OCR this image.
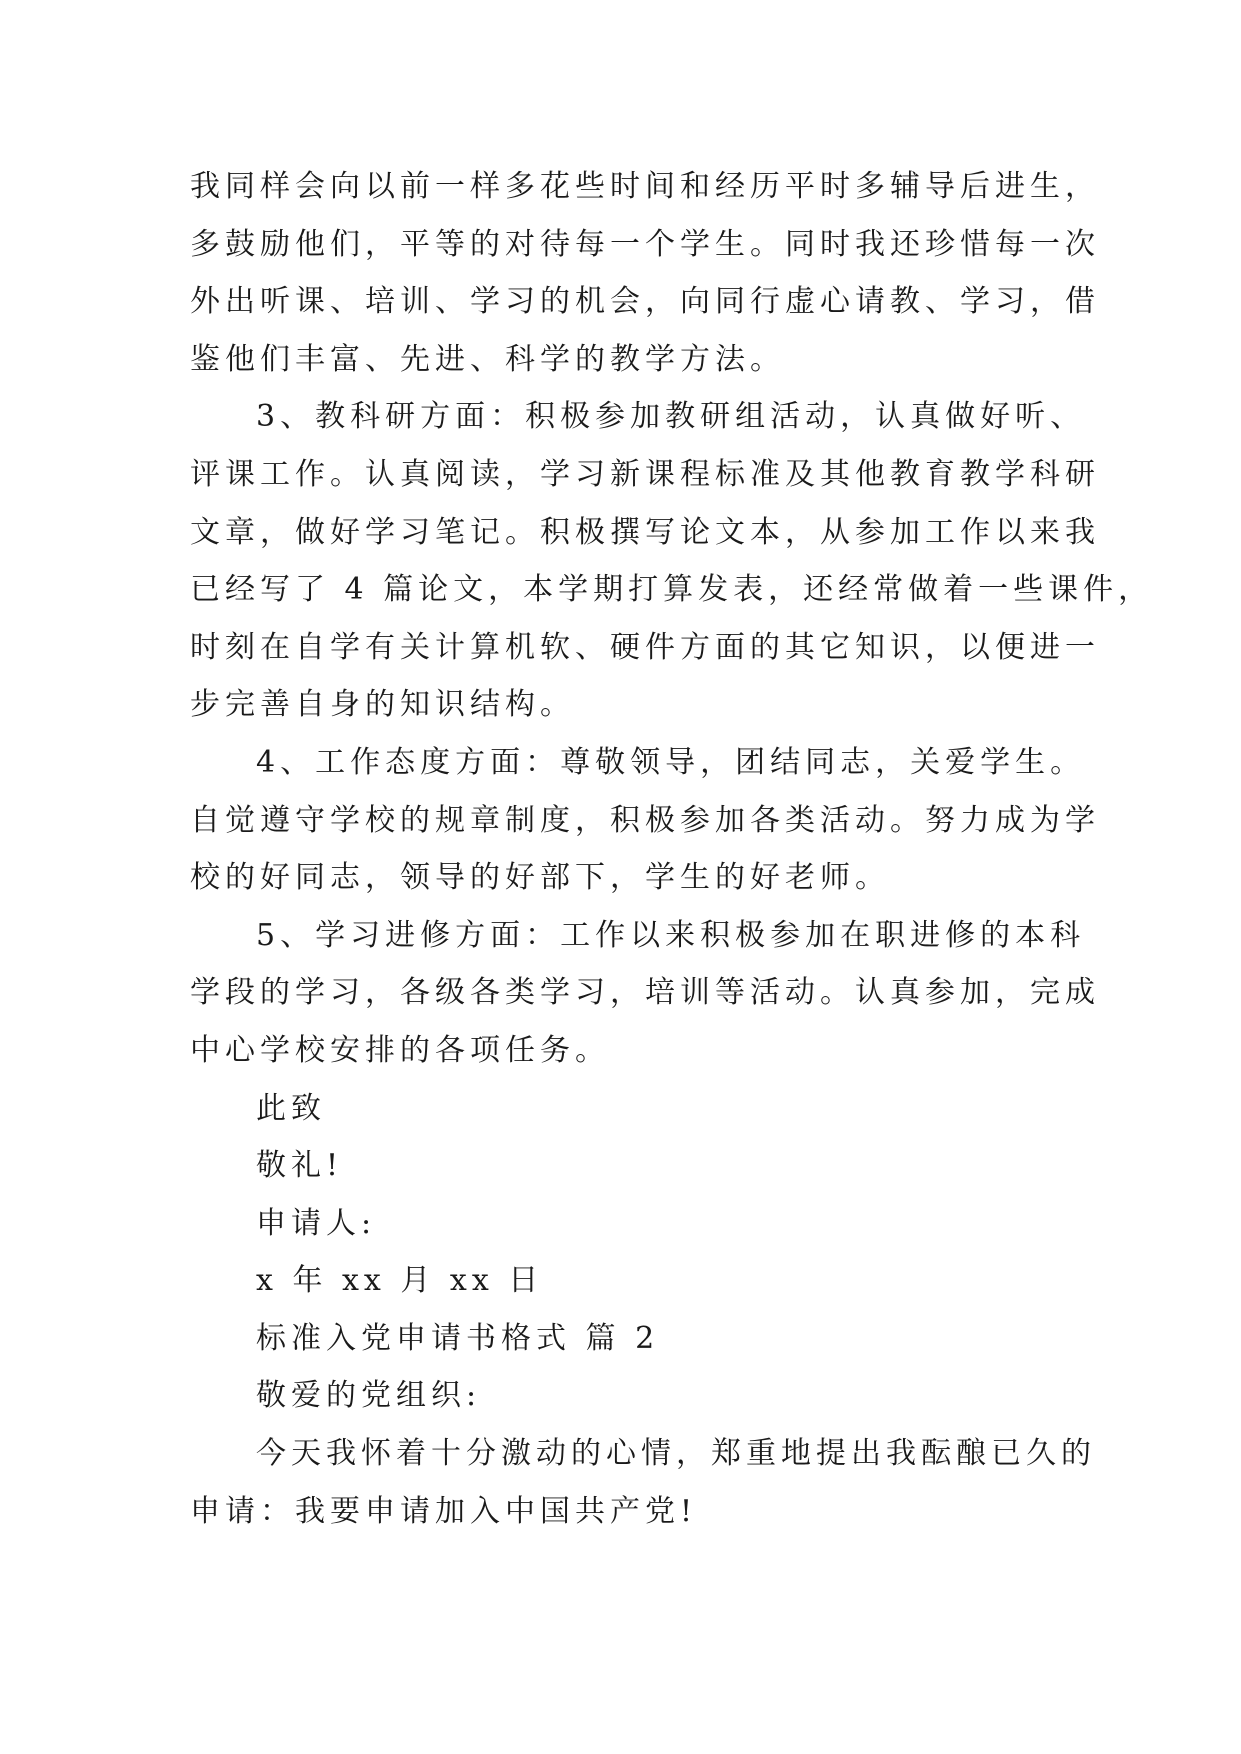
我同样会向以前一样多花些时间和经历平时多辅导后进生，
多鼓励他们，平等的对待每一个学生。同时我还珍惜每一次
外出听课、培训、学习的机会，向同行虚心请教、学习，借
鉴他们丰富、先进、科学的教学方法。
3、教科研方面：积极参加教研组活动，认真做好听、
评课工作。认真阅读，学习新课程标准及其他教育教学科研
文章，做好学习笔记。积极撰写论文本，从参加工作以来我
已经写了 4 篇论文，本学期打算发表，还经常做着一些课件，
时刻在自学有关计算机软、硬件方面的其它知识，以便进一
步完善自身的知识结构。
4、工作态度方面：尊敬领导，团结同志，关爱学生。
自觉遵守学校的规章制度，积极参加各类活动。努力成为学
校的好同志，领导的好部下，学生的好老师。
5、学习进修方面：工作以来积极参加在职进修的本科
学段的学习，各级各类学习，培训等活动。认真参加，完成
中心学校安排的各项任务。
此致
敬礼!
申请人:
x 年 xx 月 xx 日
标准入党申请书格式 篇 2
敬爱的党组织:
今天我怀着十分激动的心情，郑重地提出我酝酿已久的
申请：我要申请加入中国共产党!
